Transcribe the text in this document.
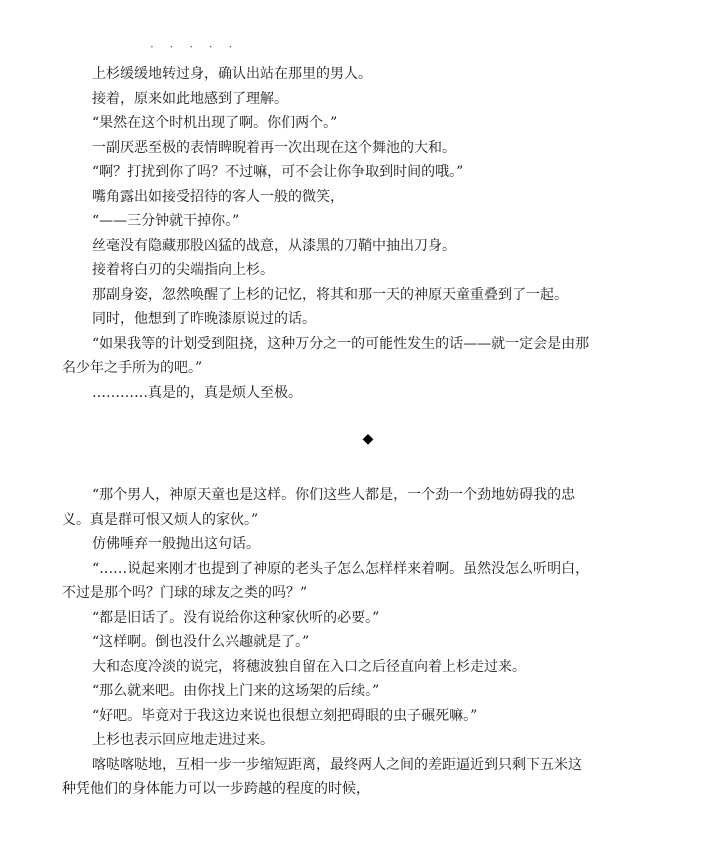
· · · · ·

上杉缓缓地转过身，确认出站在那里的男人。

接着，原来如此地感到了理解。

“果然在这个时机出现了啊。你们两个。”

一副厌恶至极的表情睥睨着再一次出现在这个舞池的大和。

“啊？打扰到你了吗？不过嘛，可不会让你争取到时间的哦。”

嘴角露出如接受招待的客人一般的微笑，

“——三分钟就干掉你。”

丝毫没有隐藏那股凶猛的战意，从漆黑的刀鞘中抽出刀身。

接着将白刃的尖端指向上杉。

那副身姿，忽然唤醒了上杉的记忆，将其和那一天的神原天童重叠到了一起。

同时，他想到了昨晚漆原说过的话。

“如果我等的计划受到阻挠，这种万分之一的可能性发生的话——就一定会是由那

名少年之手所为的吧。”

…………真是的，真是烦人至极。

◆

“那个男人，神原天童也是这样。你们这些人都是，一个劲一个劲地妨碍我的忠

义。真是群可恨又烦人的家伙。”

仿佛唾弃一般抛出这句话。

“……说起来刚才也提到了神原的老头子怎么怎样样来着啊。虽然没怎么听明白，

不过是那个吗？门球的球友之类的吗？”

“都是旧话了。没有说给你这种家伙听的必要。”

“这样啊。倒也没什么兴趣就是了。”

大和态度冷淡的说完，将穗波独自留在入口之后径直向着上杉走过来。

“那么就来吧。由你找上门来的这场架的后续。”

“好吧。毕竟对于我这边来说也很想立刻把碍眼的虫子碾死嘛。”

上杉也表示回应地走进过来。

喀哒喀哒地，互相一步一步缩短距离，最终两人之间的差距逼近到只剩下五米这

种凭他们的身体能力可以一步跨越的程度的时候，
